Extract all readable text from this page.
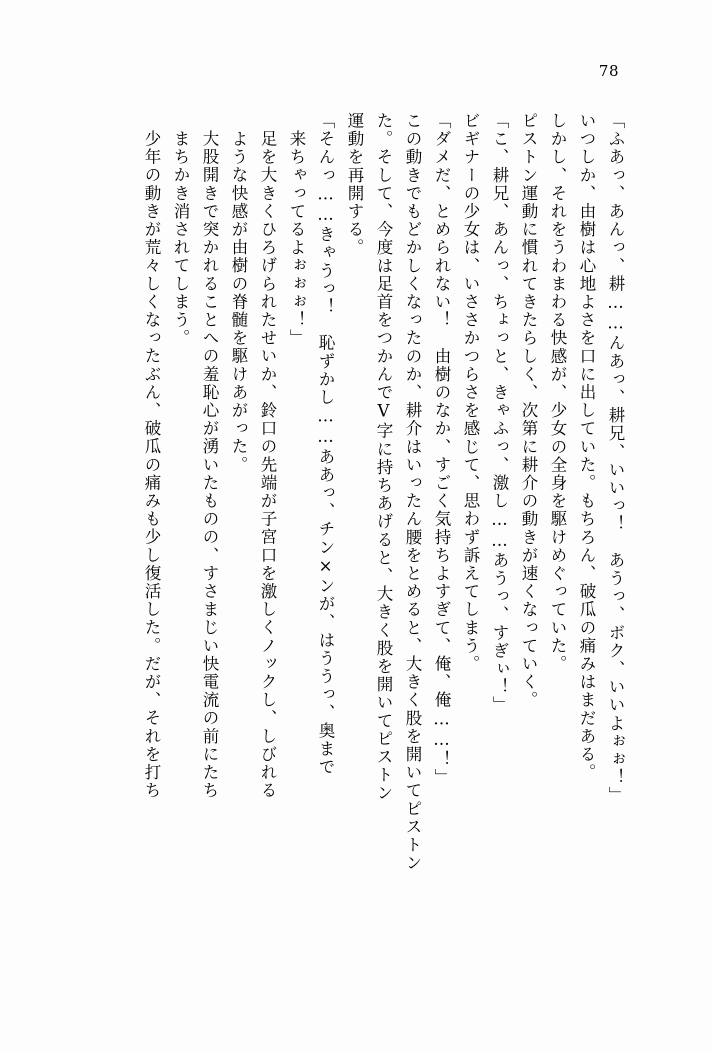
78
「ふあっ、あんっ、耕……んあっ、耕兄、いいっ！　あうっ、ボク、いいよぉぉ！」
いつしか、由樹は心地よさを口に出していた。もちろん、破瓜の痛みはまだある。
しかし、それをうわまわる快感が、少女の全身を駆けめぐっていた。
ピストン運動に慣れてきたらしく、次第に耕介の動きが速くなっていく。
「こ、耕兄、あんっ、ちょっと、きゃふっ、激し……あうっ、すぎぃ！」
ビギナーの少女は、いささかつらさを感じて、思わず訴えてしまう。
「ダメだ、とめられない！　由樹のなか、すごく気持ちよすぎて、俺、俺……！」
この動きでもどかしくなったのか、耕介はいったん腰をとめると、大きく股を開いてピストン
た。そして、今度は足首をつかんでV字に持ちあげると、大きく股を開いてピストン
運動を再開する。
「そんっ……きゃうっ！　恥ずかし……ああっ、チン×ンが、はううっ、奥まで
来ちゃってるよぉぉぉ！」
足を大きくひろげられたせいか、鈴口の先端が子宮口を激しくノックし、しびれる
ような快感が由樹の脊髄を駆けあがった。
大股開きで突かれることへの羞恥心が湧いたものの、すさまじい快電流の前にたち
まちかき消されてしまう。
少年の動きが荒々しくなったぶん、破瓜の痛みも少し復活した。だが、それを打ち
